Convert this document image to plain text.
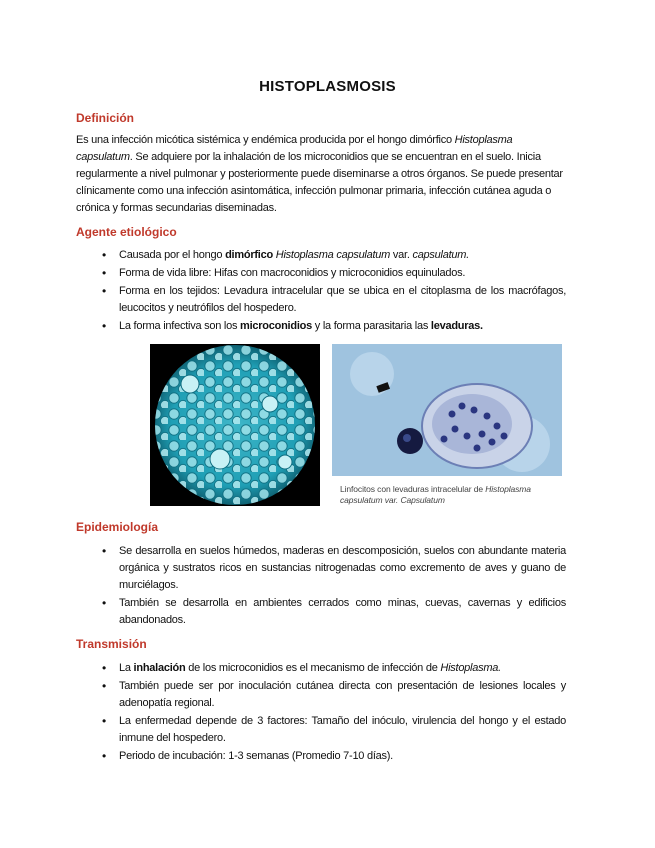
HISTOPLASMOSIS
Definición
Es una infección micótica sistémica y endémica producida por el hongo dimórfico Histoplasma capsulatum. Se adquiere por la inhalación de los microconidios que se encuentran en el suelo. Inicia regularmente a nivel pulmonar y posteriormente puede diseminarse a otros órganos. Se puede presentar clínicamente como una infección asintomática, infección pulmonar primaria, infección cutánea aguda o crónica y formas secundarias diseminadas.
Agente etiológico
• Causada por el hongo dimórfico Histoplasma capsulatum var. capsulatum.
• Forma de vida libre: Hifas con macroconidios y microconidios equinulados.
• Forma en los tejidos: Levadura intracelular que se ubica en el citoplasma de los macrófagos, leucocitos y neutrófilos del hospedero.
• La forma infectiva son los microconidios y la forma parasitaria las levaduras.
Linfocitos con levaduras intracelular de Histoplasma capsulatum var. Capsulatum
Epidemiología
• Se desarrolla en suelos húmedos, maderas en descomposición, suelos con abundante materia orgánica y sustratos ricos en sustancias nitrogenadas como excremento de aves y guano de murciélagos.
• También se desarrolla en ambientes cerrados como minas, cuevas, cavernas y edificios abandonados.
Transmisión
• La inhalación de los microconidios es el mecanismo de infección de Histoplasma.
• También puede ser por inoculación cutánea directa con presentación de lesiones locales y adenopatía regional.
• La enfermedad depende de 3 factores: Tamaño del inóculo, virulencia del hongo y el estado inmune del hospedero.
• Periodo de incubación: 1-3 semanas (Promedio 7-10 días).
